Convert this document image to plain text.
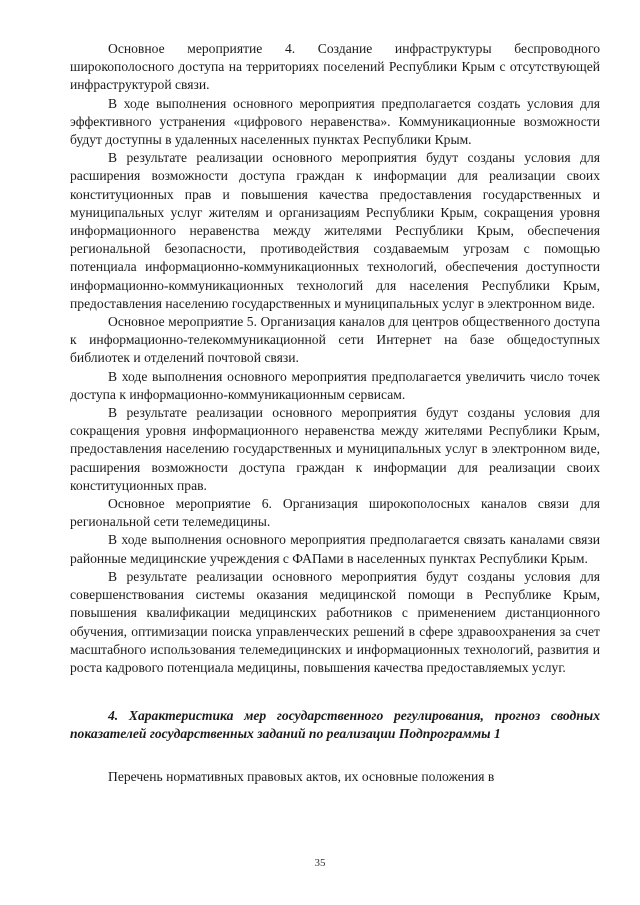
Основное мероприятие 4. Создание инфраструктуры беспроводного широкополосного доступа на территориях поселений Республики Крым с отсутствующей инфраструктурой связи.

В ходе выполнения основного мероприятия предполагается создать условия для эффективного устранения «цифрового неравенства». Коммуникационные возможности будут доступны в удаленных населенных пунктах Республики Крым.

В результате реализации основного мероприятия будут созданы условия для расширения возможности доступа граждан к информации для реализации своих конституционных прав и повышения качества предоставления государственных и муниципальных услуг жителям и организациям Республики Крым, сокращения уровня информационного неравенства между жителями Республики Крым, обеспечения региональной безопасности, противодействия создаваемым угрозам с помощью потенциала информационно-коммуникационных технологий, обеспечения доступности информационно-коммуникационных технологий для населения Республики Крым, предоставления населению государственных и муниципальных услуг в электронном виде.

Основное мероприятие 5. Организация каналов для центров общественного доступа к информационно-телекоммуникационной сети Интернет на базе общедоступных библиотек и отделений почтовой связи.

В ходе выполнения основного мероприятия предполагается увеличить число точек доступа к информационно-коммуникационным сервисам.

В результате реализации основного мероприятия будут созданы условия для сокращения уровня информационного неравенства между жителями Республики Крым, предоставления населению государственных и муниципальных услуг в электронном виде, расширения возможности доступа граждан к информации для реализации своих конституционных прав.

Основное мероприятие 6. Организация широкополосных каналов связи для региональной сети телемедицины.

В ходе выполнения основного мероприятия предполагается связать каналами связи районные медицинские учреждения с ФАПами в населенных пунктах Республики Крым.

В результате реализации основного мероприятия будут созданы условия для совершенствования системы оказания медицинской помощи в Республике Крым, повышения квалификации медицинских работников с применением дистанционного обучения, оптимизации поиска управленческих решений в сфере здравоохранения за счет масштабного использования телемедицинских и информационных технологий, развития и роста кадрового потенциала медицины, повышения качества предоставляемых услуг.

4. Характеристика мер государственного регулирования, прогноз сводных показателей государственных заданий по реализации Подпрограммы 1

Перечень нормативных правовых актов, их основные положения в

35
